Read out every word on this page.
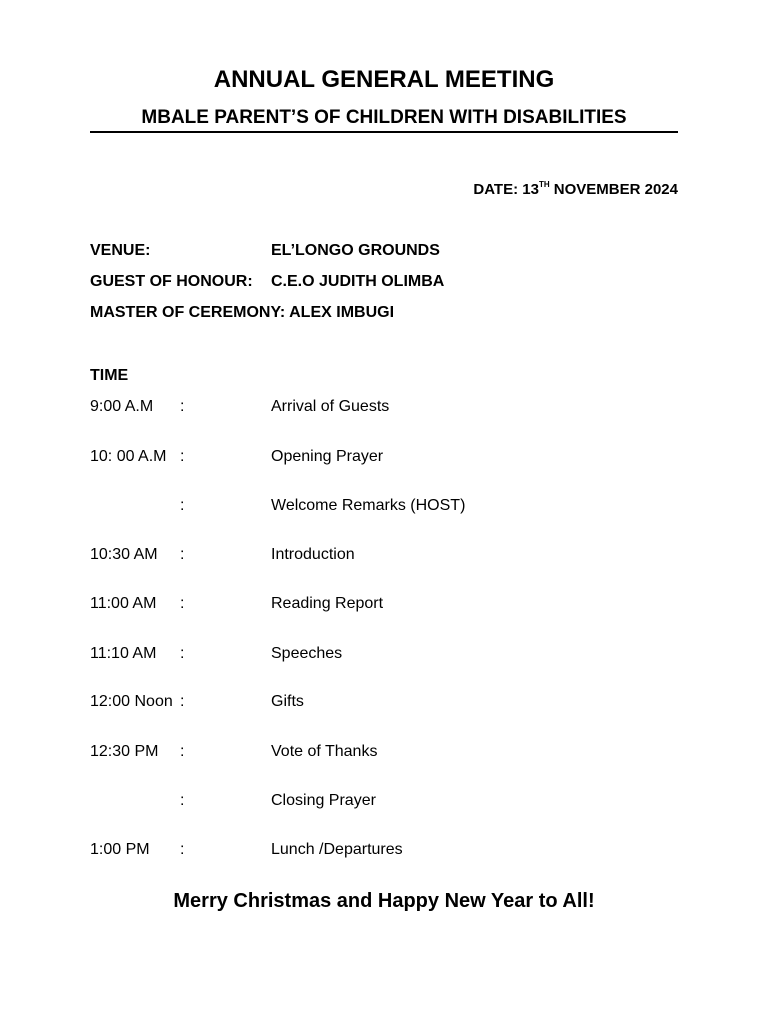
ANNUAL GENERAL MEETING
MBALE PARENT’S OF CHILDREN WITH DISABILITIES
DATE: 13TH NOVEMBER 2024
VENUE:	EL’LONGO GROUNDS
GUEST OF HONOUR: C.E.O JUDITH OLIMBA
MASTER OF CEREMONY: ALEX IMBUGI
TIME
9:00 A.M :	Arrival of Guests
10: 00 A.M :	Opening Prayer
:	Welcome Remarks (HOST)
10:30 AM :	Introduction
11:00 AM :	Reading Report
11:10 AM :	Speeches
12:00 Noon :	Gifts
12:30 PM :	Vote of Thanks
:	Closing Prayer
1:00 PM :	Lunch /Departures
Merry Christmas and Happy New Year to All!
